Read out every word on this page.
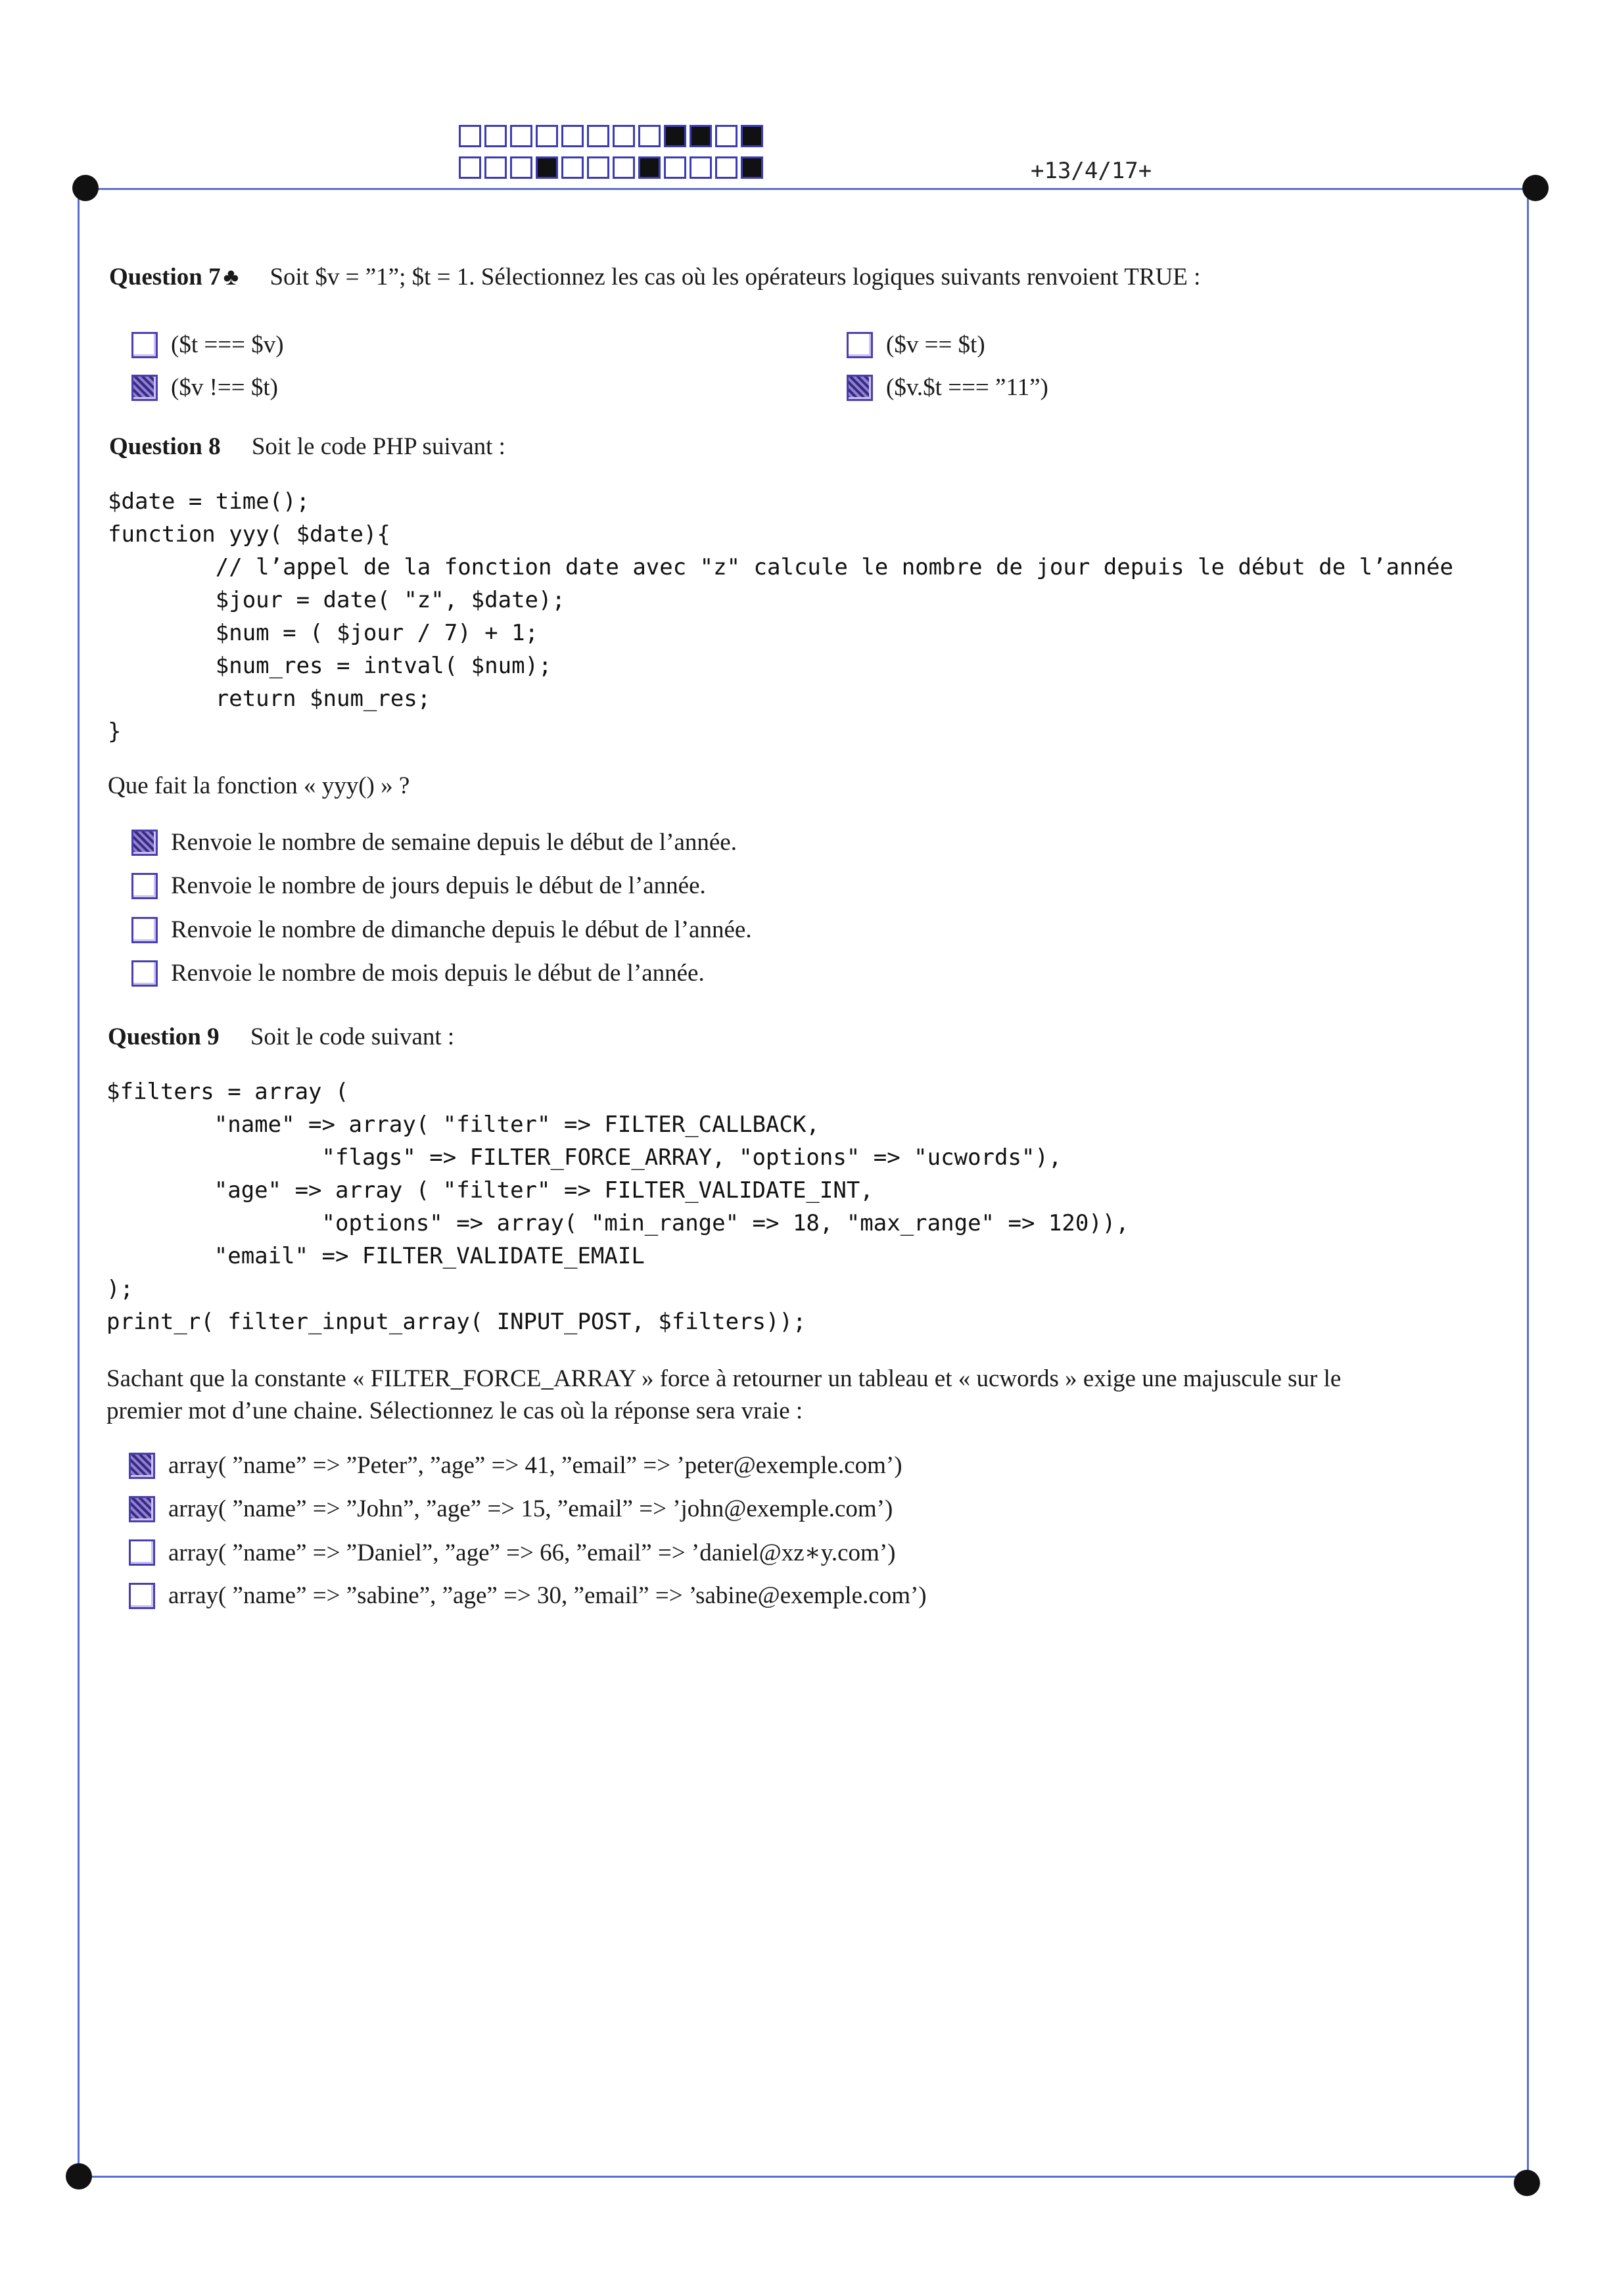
+13/4/17+
Question 7 ♣ Soit $v = ”1”; $t = 1. Sélectionnez les cas où les opérateurs logiques suivants renvoient TRUE :
($t === $v)	($v == $t)
($v !== $t)	($v.$t === ”11”)
Question 8 Soit le code PHP suivant :
$date = time();
function yyy( $date){
// l’appel de la fonction date avec "z" calcule le nombre de jour depuis le début de l’année
$jour = date( "z", $date);
$num = ( $jour / 7) + 1;
$num_res = intval( $num);
return $num_res;
}
Que fait la fonction « yyy() » ?
Renvoie le nombre de semaine depuis le début de l’année.
Renvoie le nombre de jours depuis le début de l’année.
Renvoie le nombre de dimanche depuis le début de l’année.
Renvoie le nombre de mois depuis le début de l’année.
Question 9 Soit le code suivant :
$filters = array (
"name" => array( "filter" => FILTER_CALLBACK,
"flags" => FILTER_FORCE_ARRAY, "options" => "ucwords"),
"age" => array ( "filter" => FILTER_VALIDATE_INT,
"options" => array( "min_range" => 18, "max_range" => 120)),
"email" => FILTER_VALIDATE_EMAIL
);
print_r( filter_input_array( INPUT_POST, $filters));
Sachant que la constante « FILTER_FORCE_ARRAY » force à retourner un tableau et « ucwords » exige une majuscule sur le
premier mot d’une chaine. Sélectionnez le cas où la réponse sera vraie :
array( ”name” => ”Peter”, ”age” => 41, ”email” => ’peter@exemple.com’)
array( ”name” => ”John”, ”age” => 15, ”email” => ’john@exemple.com’)
array( ”name” => ”Daniel”, ”age” => 66, ”email” => ’daniel@xz∗y.com’)
array( ”name” => ”sabine”, ”age” => 30, ”email” => ’sabine@exemple.com’)
